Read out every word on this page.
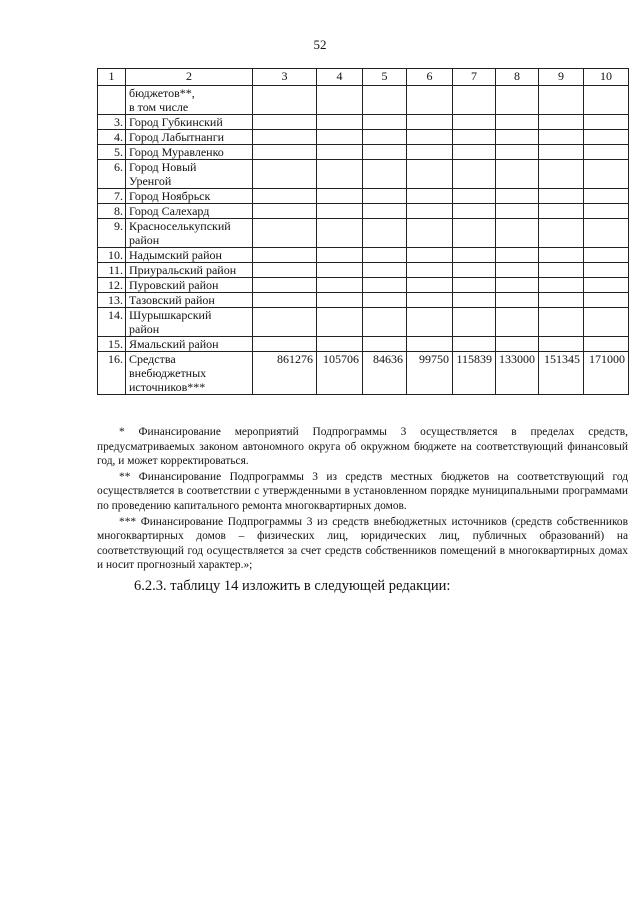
52
1	2	3	4	5	6	7	8	9	10

	бюджетов**,
в том числе								

3.	Город Губкинский								

4.	Город Лабытнанги								

5.	Город Муравленко								

6.	Город Новый
Уренгой								

7.	Город Ноябрьск								

8.	Город Салехард								

9.	Красноселькупский
район								

10.	Надымский район								

11.	Приуральский район								

12.	Пуровский район								

13.	Тазовский район								

14.	Шурышкарский
район								

15.	Ямальский район								

16.	Средства
внебюджетных
источников***	861276	105706	84636	99750	115839	133000	151345	171000

* Финансирование мероприятий Подпрограммы 3 осуществляется в пределах средств, предусматриваемых законом автономного округа об окружном бюджете на соответствующий финансовый год, и может корректироваться.

** Финансирование Подпрограммы 3 из средств местных бюджетов на соответствующий год осуществляется в соответствии с утвержденными в установленном порядке муниципальными программами по проведению капитального ремонта многоквартирных домов.

*** Финансирование Подпрограммы 3 из средств внебюджетных источников (средств собственников многоквартирных домов – физических лиц, юридических лиц, публичных образований) на соответствующий год осуществляется за счет средств собственников помещений в многоквартирных домах и носит прогнозный характер.»;

6.2.3. таблицу 14 изложить в следующей редакции:
